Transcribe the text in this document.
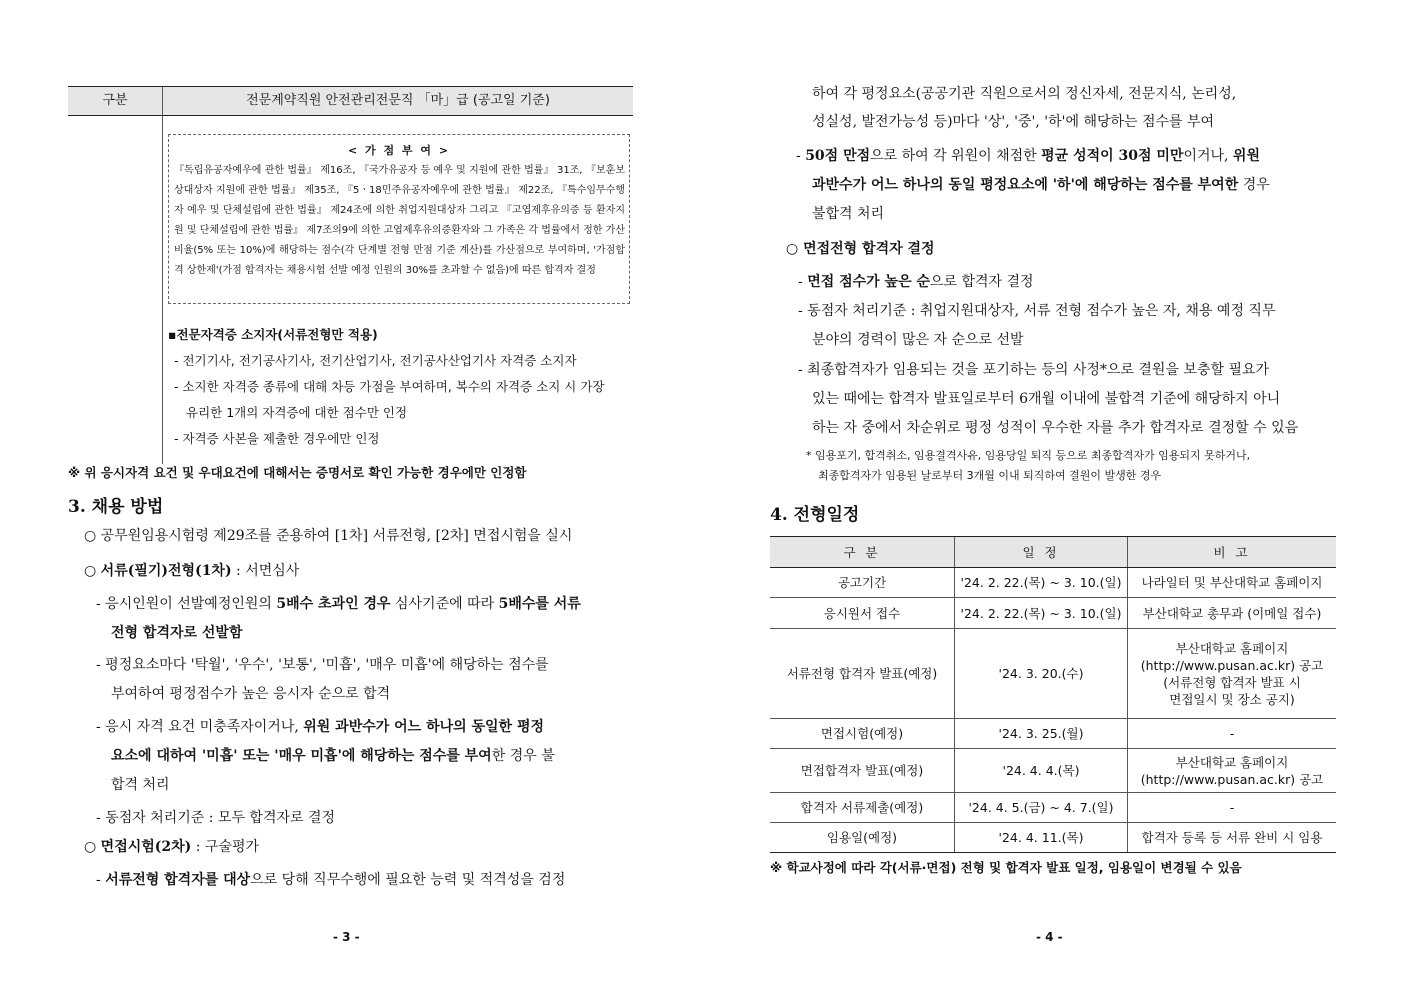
구분	전문계약직원 안전관리전문직 「마」급 (공고일 기준)
< 가 점 부 여 >
『독립유공자예우에 관한 법률』 제16조, 『국가유공자 등 예우 및 지원에 관한 법률』 31조, 『보훈보상대상자 지원에 관한 법률』 제35조, 『5ㆍ18민주유공자예우에 관한 법률』 제22조, 『특수임무수행자 예우 및 단체설립에 관한 법률』 제24조에 의한 취업지원대상자 그리고 『고엽제후유의증 등 환자지원 및 단체설립에 관한 법률』 제7조의9에 의한 고엽제후유의증환자와 그 가족은 각 법률에서 정한 가산비율(5% 또는 10%)에 해당하는 점수(각 단계별 전형 만점 기준 계산)를 가산점으로 부여하며, '가점합격 상한제'(가점 합격자는 채용시험 선발 예정 인원의 30%를 초과할 수 없음)에 따른 합격자 결정
▪전문자격증 소지자(서류전형만 적용)
- 전기기사, 전기공사기사, 전기산업기사, 전기공사산업기사 자격증 소지자
- 소지한 자격증 종류에 대해 차등 가점을 부여하며, 복수의 자격증 소지 시 가장
유리한 1개의 자격증에 대한 점수만 인정
- 자격증 사본을 제출한 경우에만 인정
※ 위 응시자격 요건 및 우대요건에 대해서는 증명서로 확인 가능한 경우에만 인정함
3. 채용 방법
○ 공무원임용시험령 제29조를 준용하여 [1차] 서류전형, [2차] 면접시험을 실시
○ 서류(필기)전형(1차) : 서면심사
- 응시인원이 선발예정인원의 5배수 초과인 경우 심사기준에 따라 5배수를 서류
전형 합격자로 선발함
- 평정요소마다 '탁월', '우수', '보통', '미흡', '매우 미흡'에 해당하는 점수를
부여하여 평정점수가 높은 응시자 순으로 합격
- 응시 자격 요건 미충족자이거나, 위원 과반수가 어느 하나의 동일한 평정
요소에 대하여 '미흡' 또는 '매우 미흡'에 해당하는 점수를 부여한 경우 불
합격 처리
- 동점자 처리기준 : 모두 합격자로 결정
○ 면접시험(2차) : 구술평가
- 서류전형 합격자를 대상으로 당해 직무수행에 필요한 능력 및 적격성을 검정
- 3 -
하여 각 평정요소(공공기관 직원으로서의 정신자세, 전문지식, 논리성,
성실성, 발전가능성 등)마다 '상', '중', '하'에 해당하는 점수를 부여
- 50점 만점으로 하여 각 위원이 채점한 평균 성적이 30점 미만이거나, 위원
과반수가 어느 하나의 동일 평정요소에 '하'에 해당하는 점수를 부여한 경우
불합격 처리
○ 면접전형 합격자 결정
- 면접 점수가 높은 순으로 합격자 결정
- 동점자 처리기준 : 취업지원대상자, 서류 전형 점수가 높은 자, 채용 예정 직무
분야의 경력이 많은 자 순으로 선발
- 최종합격자가 임용되는 것을 포기하는 등의 사정*으로 결원을 보충할 필요가
있는 때에는 합격자 발표일로부터 6개월 이내에 불합격 기준에 해당하지 아니
하는 자 중에서 차순위로 평정 성적이 우수한 자를 추가 합격자로 결정할 수 있음
* 임용포기, 합격취소, 임용결격사유, 임용당일 퇴직 등으로 최종합격자가 임용되지 못하거나,
최종합격자가 임용된 날로부터 3개월 이내 퇴직하여 결원이 발생한 경우
4. 전형일정
구 분	일 정	비 고
공고기간	'24. 2. 22.(목) ~ 3. 10.(일)	나라일터 및 부산대학교 홈페이지

응시원서 접수	'24. 2. 22.(목) ~ 3. 10.(일)	부산대학교 총무과 (이메일 접수)

서류전형 합격자 발표(예정)	'24. 3. 20.(수)	부산대학교 홈페이지
(http://www.pusan.ac.kr) 공고
(서류전형 합격자 발표 시
면접일시 및 장소 공지)

면접시험(예정)	'24. 3. 25.(월)	-

면접합격자 발표(예정)	'24. 4. 4.(목)	부산대학교 홈페이지
(http://www.pusan.ac.kr) 공고

합격자 서류제출(예정)	'24. 4. 5.(금) ~ 4. 7.(일)	-

임용일(예정)	'24. 4. 11.(목)	합격자 등록 등 서류 완비 시 임용
※ 학교사정에 따라 각(서류·면접) 전형 및 합격자 발표 일정, 임용일이 변경될 수 있음
- 4 -
